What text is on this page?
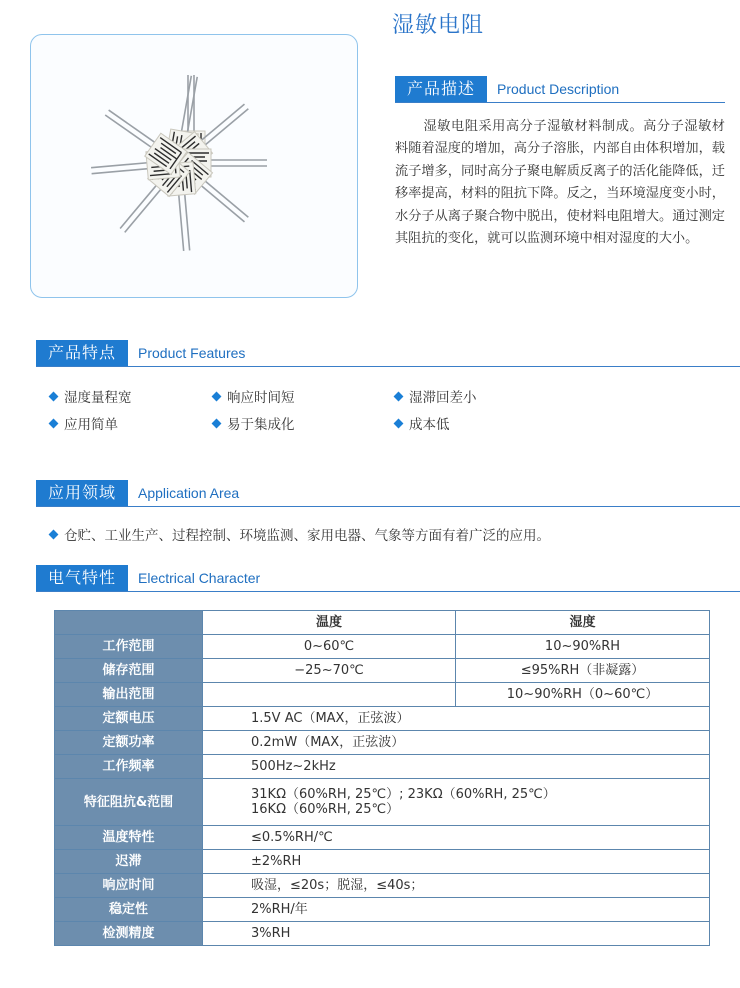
湿敏电阻
产品描述	Product Description
湿敏电阻采用高分子湿敏材料制成。高分子湿敏材料随着湿度的增加，高分子溶胀，内部自由体积增加，载流子增多，同时高分子聚电解质反离子的活化能降低，迁移率提高，材料的阻抗下降。反之，当环境湿度变小时，水分子从离子聚合物中脱出，使材料电阻增大。通过测定其阻抗的变化，就可以监测环境中相对湿度的大小。
产品特点	Product Features
湿度量程宽	响应时间短	湿滞回差小
应用简单	易于集成化	成本低
应用领域	Application Area
仓贮、工业生产、过程控制、环境监测、家用电器、气象等方面有着广泛的应用。
电气特性	Electrical Character
	温度	湿度
工作范围	0~60℃	10~90%RH
储存范围	−25~70℃	≤95%RH（非凝露）
输出范围		10~90%RH（0~60℃）
定额电压	1.5V AC（MAX，正弦波）	
定额功率	0.2mW（MAX，正弦波）	
工作频率	500Hz~2kHz	
特征阻抗&范围	31KΩ（60%RH, 25℃）; 23KΩ（60%RH, 25℃）
16KΩ（60%RH, 25℃）	

温度特性	≤0.5%RH/℃	
迟滞	±2%RH	
响应时间	吸湿，≤20s；脱湿，≤40s；	
稳定性	2%RH/年	
检测精度	3%RH	
